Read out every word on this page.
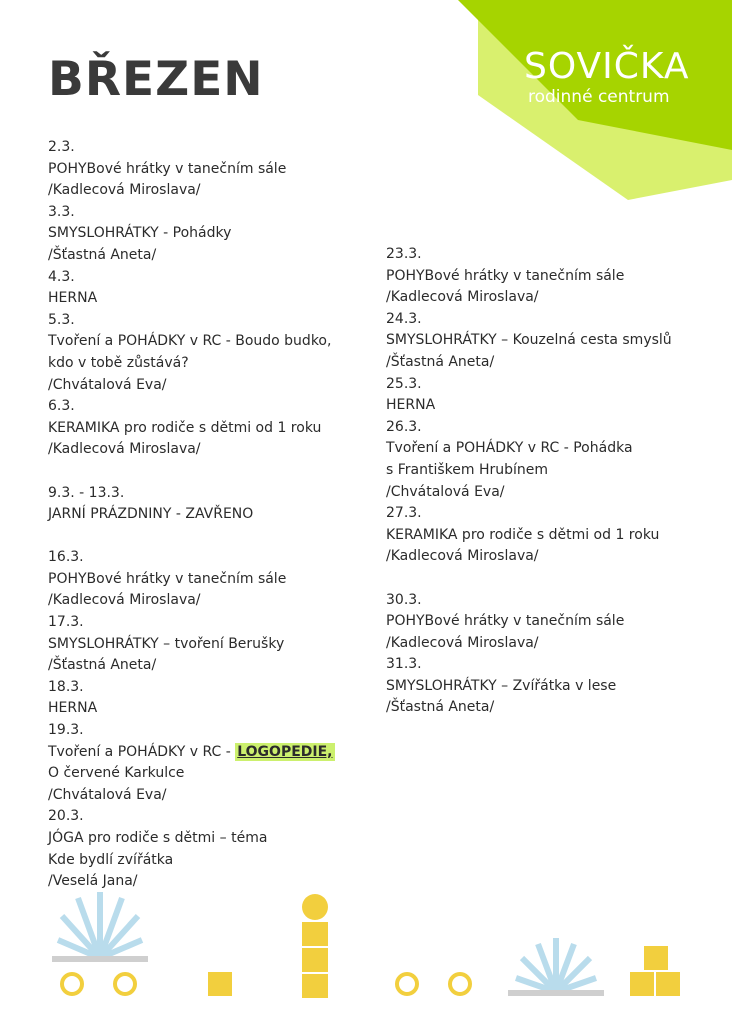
BŘEZEN	SOVIČKA
rodinné centrum
2.3.
POHYBové hrátky v tanečním sále
/Kadlecová Miroslava/
3.3.
SMYSLOHRÁTKY - Pohádky
/Šťastná Aneta/
4.3.
HERNA
5.3.
Tvoření a POHÁDKY v RC - Boudo budko,
kdo v tobě zůstává?
/Chvátalová Eva/
6.3.
KERAMIKA pro rodiče s dětmi od 1 roku
/Kadlecová Miroslava/
9.3. - 13.3.
JARNÍ PRÁZDNINY - ZAVŘENO
16.3.
POHYBové hrátky v tanečním sále
/Kadlecová Miroslava/
17.3.
SMYSLOHRÁTKY – tvoření Berušky
/Šťastná Aneta/
18.3.
HERNA
19.3.
Tvoření a POHÁDKY v RC - LOGOPEDIE,
O červené Karkulce
/Chvátalová Eva/
20.3.
JÓGA pro rodiče s dětmi – téma
Kde bydlí zvířátka
/Veselá Jana/
23.3.
POHYBové hrátky v tanečním sále
/Kadlecová Miroslava/
24.3.
SMYSLOHRÁTKY – Kouzelná cesta smyslů
/Šťastná Aneta/
25.3.
HERNA
26.3.
Tvoření a POHÁDKY v RC - Pohádka
s Františkem Hrubínem
/Chvátalová Eva/
27.3.
KERAMIKA pro rodiče s dětmi od 1 roku
/Kadlecová Miroslava/
30.3.
POHYBové hrátky v tanečním sále
/Kadlecová Miroslava/
31.3.
SMYSLOHRÁTKY – Zvířátka v lese
/Šťastná Aneta/
